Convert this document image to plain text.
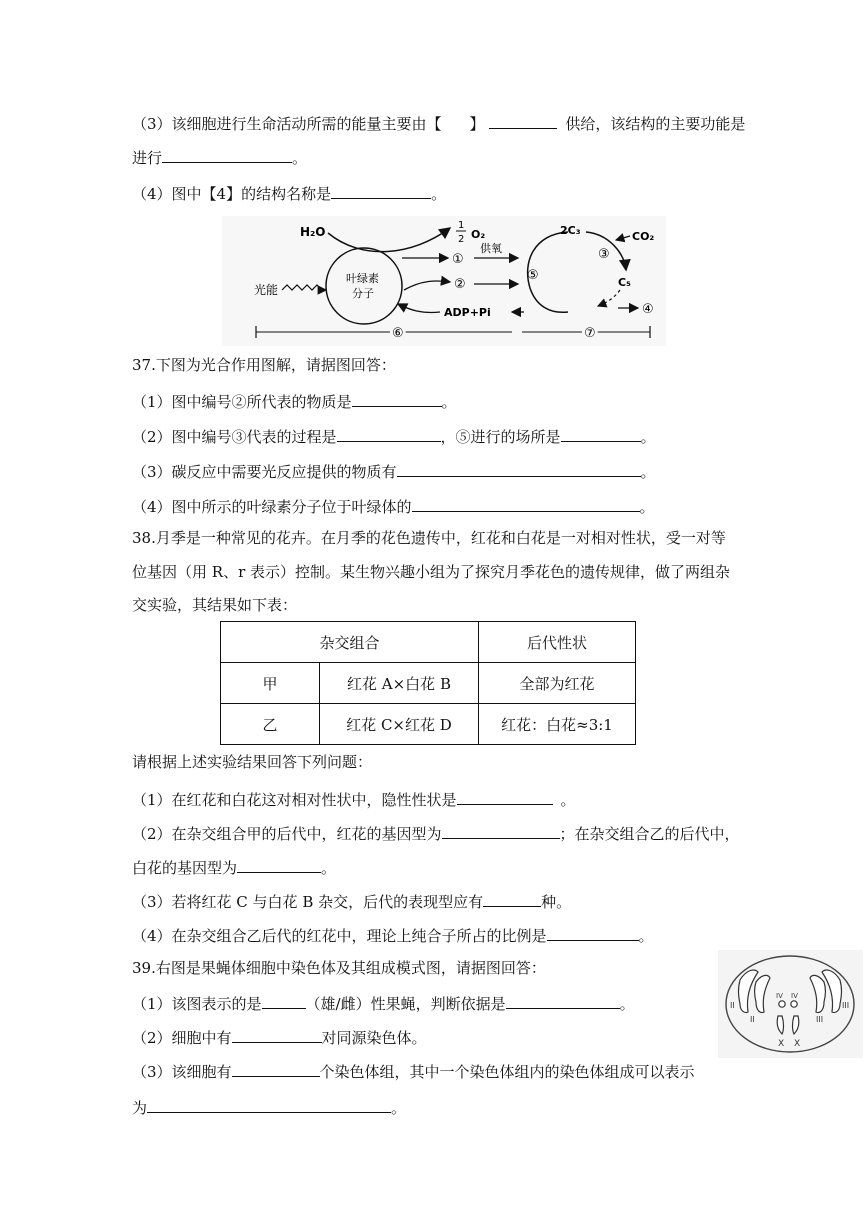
（3）该细胞进行生命活动所需的能量主要由【 】	供给，该结构的主要功能是
进行	。
（4）图中【4】的结构名称是	。
H₂O	1
2 O₂
供氧
叶绿素
分子
光能
①
②
ADP+Pi
⑤
2C₃
③
CO₂
C₅
④
⑥	⑦
37.下图为光合作用图解，请据图回答：
（1）图中编号②所代表的物质是	。
（2）图中编号③代表的过程是	，⑤进行的场所是	。
（3）碳反应中需要光反应提供的物质有	。
（4）图中所示的叶绿素分子位于叶绿体的	。
38.月季是一种常见的花卉。在月季的花色遗传中，红花和白花是一对相对性状，受一对等
位基因（用 R、r 表示）控制。某生物兴趣小组为了探究月季花色的遗传规律，做了两组杂
交实验，其结果如下表：
杂交组合		后代性状
甲	红花 A×白花 B	全部为红花
乙	红花 C×红花 D	红花：白花≈3:1
请根据上述实验结果回答下列问题：
（1）在红花和白花这对相对性状中，隐性性状是	。
（2）在杂交组合甲的后代中，红花的基因型为	；在杂交组合乙的后代中，
白花的基因型为	。
（3）若将红花 C 与白花 B 杂交，后代的表现型应有	种。
（4）在杂交组合乙后代的红花中，理论上纯合子所占的比例是	。
39.右图是果蝇体细胞中染色体及其组成模式图，请据图回答：
（1）该图表示的是	（雄/雌）性果蝇，判断依据是	。
（2）细胞中有	对同源染色体。
（3）该细胞有	个染色体组，其中一个染色体组内的染色体组成可以表示
为	。
II
II	III
III
IV IV
X X
